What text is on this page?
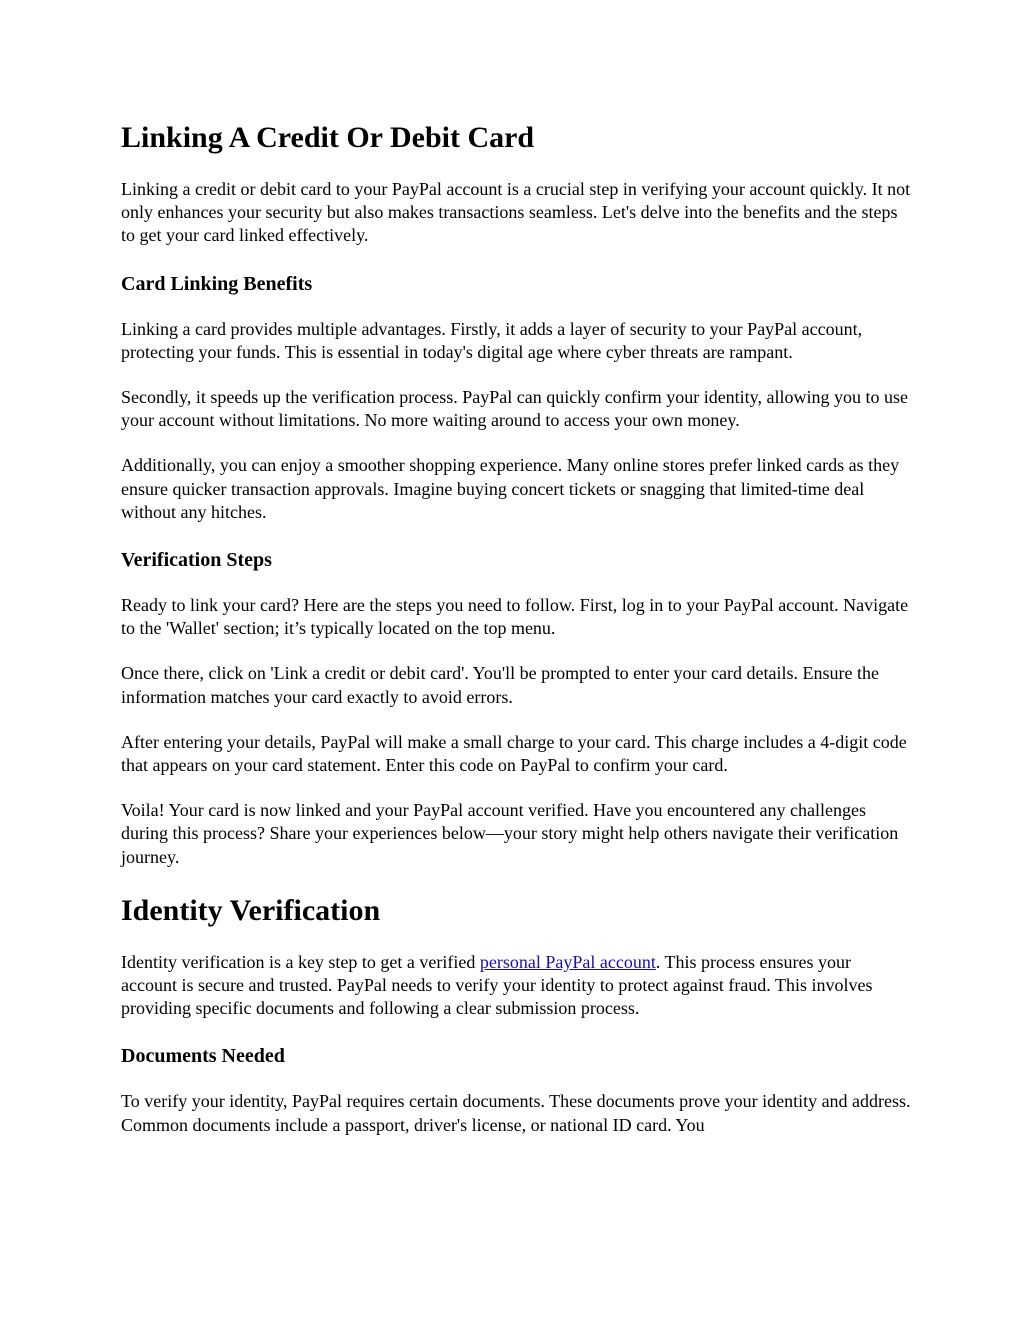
Linking A Credit Or Debit Card

Linking a credit or debit card to your PayPal account is a crucial step in verifying your account quickly. It not only enhances your security but also makes transactions seamless. Let's delve into the benefits and the steps to get your card linked effectively.

Card Linking Benefits

Linking a card provides multiple advantages. Firstly, it adds a layer of security to your PayPal account, protecting your funds. This is essential in today's digital age where cyber threats are rampant.

Secondly, it speeds up the verification process. PayPal can quickly confirm your identity, allowing you to use your account without limitations. No more waiting around to access your own money.

Additionally, you can enjoy a smoother shopping experience. Many online stores prefer linked cards as they ensure quicker transaction approvals. Imagine buying concert tickets or snagging that limited-time deal without any hitches.

Verification Steps

Ready to link your card? Here are the steps you need to follow. First, log in to your PayPal account. Navigate to the 'Wallet' section; it’s typically located on the top menu.

Once there, click on 'Link a credit or debit card'. You'll be prompted to enter your card details. Ensure the information matches your card exactly to avoid errors.

After entering your details, PayPal will make a small charge to your card. This charge includes a 4-digit code that appears on your card statement. Enter this code on PayPal to confirm your card.

Voila! Your card is now linked and your PayPal account verified. Have you encountered any challenges during this process? Share your experiences below—your story might help others navigate their verification journey.

Identity Verification

Identity verification is a key step to get a verified personal PayPal account. This process ensures your account is secure and trusted. PayPal needs to verify your identity to protect against fraud. This involves providing specific documents and following a clear submission process.

Documents Needed

To verify your identity, PayPal requires certain documents. These documents prove your identity and address. Common documents include a passport, driver's license, or national ID card. You
